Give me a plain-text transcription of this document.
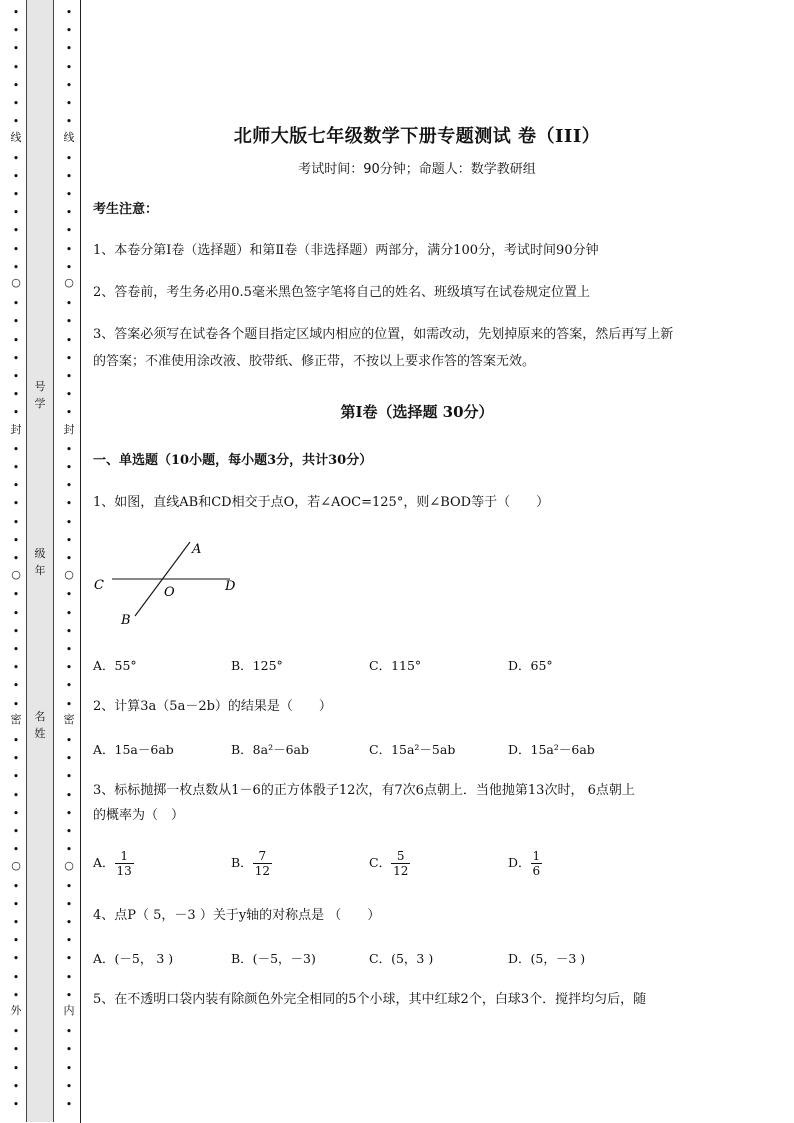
•
•
•
•
•
•
•
•
•
•
•
•
•
•
•
•
•
•
•
•
•
•
•
•
•
•
•
•
•
•
•
•
•
•
•
•
•
•
•
•
•
•
•
•
•
•
•
•
•
•
•
•
•
•
线
○
封
○
密
○
外
•
•
•
•
•
•
•
•
•
•
•
•
•
•
•
•
•
•
•
•
•
•
•
•
•
•
•
•
•
•
•
•
•
•
•
•
•
•
•
•
•
•
•
•
•
•
•
•
•
•
•
•
•
•
线
○
封
○
密
○
内
号
学
级
年
名
姓
北师大版七年级数学下册专题测试 卷（III）
考试时间：90分钟；命题人：数学教研组
考生注意：
1、本卷分第I卷（选择题）和第Ⅱ卷（非选择题）两部分，满分100分，考试时间90分钟
2、答卷前，考生务必用0.5毫米黑色签字笔将自己的姓名、班级填写在试卷规定位置上
3、答案必须写在试卷各个题目指定区域内相应的位置，如需改动，先划掉原来的答案，然后再写上新
的答案；不准使用涂改液、胶带纸、修正带，不按以上要求作答的答案无效。
第I卷（选择题 30分）
一、单选题（10小题，每小题3分，共计30分）
1、如图，直线AB和CD相交于点O，若∠AOC=125°，则∠BOD等于（　　）
A
C	O	D
B
A．55°	B．125°	C．115°	D．65°
2、计算3a（5a－2b）的结果是（　　）
A．15a－6ab	B．8a²－6ab	C．15a²－5ab	D．15a²－6ab
3、标标抛掷一枚点数从1－6的正方体骰子12次，有7次6点朝上．当他抛第13次时， 6点朝上
的概率为（　）
A． $\frac{1}{13}$	B． $\frac{7}{12}$	C． $\frac{5}{12}$	D． $\frac{1}{6}$
4、点P（ 5，－3 ）关于y轴的对称点是 （　　）
A．(－5， 3 )	B．(－5，－3)	C．(5，3 )	D．(5，－3 )
5、在不透明口袋内装有除颜色外完全相同的5个小球，其中红球2个，白球3个．搅拌均匀后，随
